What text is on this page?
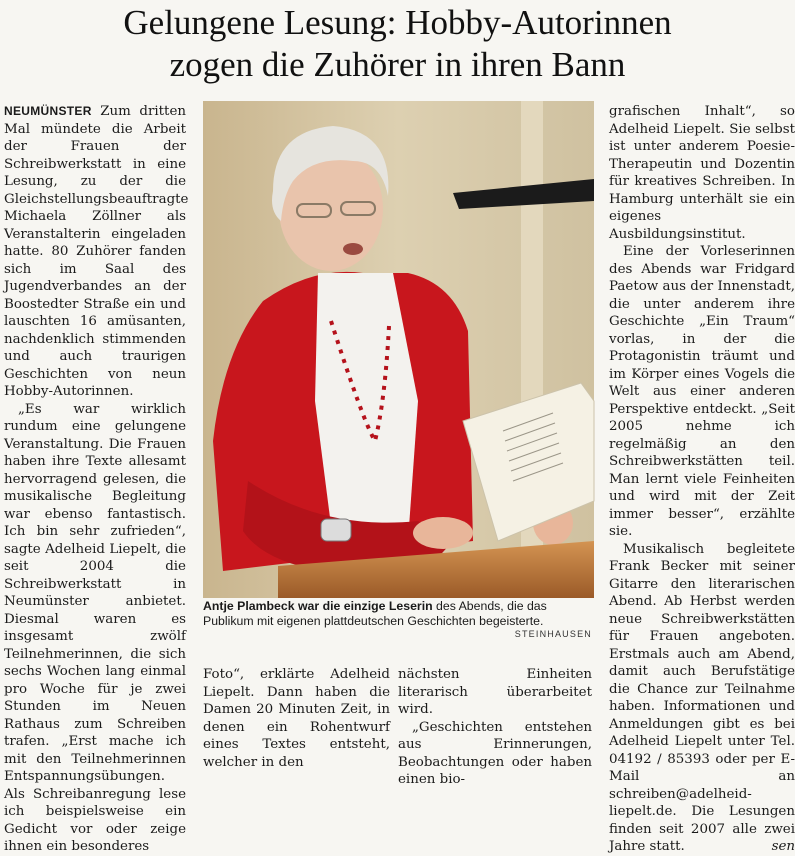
Gelungene Lesung: Hobby-Autorinnen
zogen die Zuhörer in ihren Bann

NEUMÜNSTER Zum dritten Mal mündete die Arbeit der Frauen der Schreibwerkstatt in eine Lesung, zu der die Gleichstellungsbeauftragte Michaela Zöllner als Veranstalterin eingeladen hatte. 80 Zuhörer fanden sich im Saal des Jugendverbandes an der Boostedter Straße ein und lauschten 16 amüsanten, nachdenklich stimmenden und auch traurigen Geschichten von neun Hobby-Autorinnen.

„Es war wirklich rundum eine gelungene Veranstaltung. Die Frauen haben ihre Texte allesamt hervorragend gelesen, die musikalische Begleitung war ebenso fantastisch. Ich bin sehr zufrieden“, sagte Adelheid Liepelt, die seit 2004 die Schreibwerkstatt in Neumünster anbietet. Diesmal waren es insgesamt zwölf Teilnehmerinnen, die sich sechs Wochen lang einmal pro Woche für je zwei Stunden im Neuen Rathaus zum Schreiben trafen. „Erst mache ich mit den Teilnehmerinnen Entspannungsübungen. Als Schreibanregung lese ich beispielsweise ein Gedicht vor oder zeige ihnen ein besonderes

Antje Plambeck war die einzige Leserin des Abends, die das Publikum mit eigenen plattdeutschen Geschichten begeisterte.
STEINHAUSEN

Foto“, erklärte Adelheid Liepelt. Dann haben die Damen 20 Minuten Zeit, in denen ein Rohentwurf eines Textes entsteht, welcher in den

nächsten Einheiten literarisch überarbeitet wird.

„Geschichten entstehen aus Erinnerungen, Beobachtungen oder haben einen bio-

grafischen Inhalt“, so Adelheid Liepelt. Sie selbst ist unter anderem Poesie-Therapeutin und Dozentin für kreatives Schreiben. In Hamburg unterhält sie ein eigenes Ausbildungsinstitut.

Eine der Vorleserinnen des Abends war Fridgard Paetow aus der Innenstadt, die unter anderem ihre Geschichte „Ein Traum“ vorlas, in der die Protagonistin träumt und im Körper eines Vogels die Welt aus einer anderen Perspektive entdeckt. „Seit 2005 nehme ich regelmäßig an den Schreibwerkstätten teil. Man lernt viele Feinheiten und wird mit der Zeit immer besser“, erzählte sie.

Musikalisch begleitete Frank Becker mit seiner Gitarre den literarischen Abend. Ab Herbst werden neue Schreibwerkstätten für Frauen angeboten. Erstmals auch am Abend, damit auch Berufstätige die Chance zur Teilnahme haben. Informationen und Anmeldungen gibt es bei Adelheid Liepelt unter Tel. 04192 / 85393 oder per E-Mail an schreiben@adelheid-liepelt.de. Die Lesungen finden seit 2007 alle zwei Jahre statt.	sen
